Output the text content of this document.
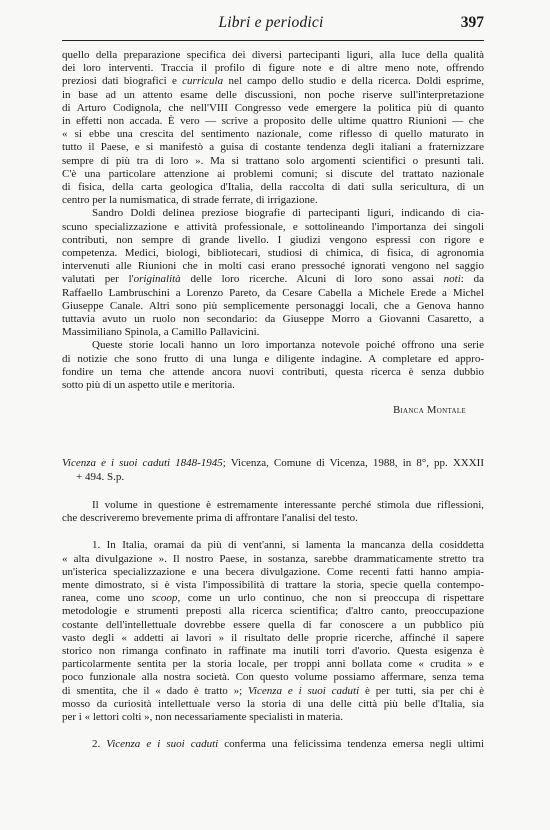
Libri e periodici	397

quello della preparazione specifica dei diversi partecipanti liguri, alla luce della qualità

dei loro interventi. Traccia il profilo di figure note e di altre meno note, offrendo

preziosi dati biografici e curricula nel campo dello studio e della ricerca. Doldi esprime,

in base ad un attento esame delle discussioni, non poche riserve sull'interpretazione

di Arturo Codignola, che nell'VIII Congresso vede emergere la politica più di quanto

in effetti non accada. È vero — scrive a proposito delle ultime quattro Riunioni — che

« si ebbe una crescita del sentimento nazionale, come riflesso di quello maturato in

tutto il Paese, e si manifestò a guisa di costante tendenza degli italiani a fraternizzare

sempre di più tra di loro ». Ma si trattano solo argomenti scientifici o presunti tali.

C'è una particolare attenzione ai problemi comuni; si discute del trattato nazionale

di fisica, della carta geologica d'Italia, della raccolta di dati sulla sericultura, di un

centro per la numismatica, di strade ferrate, di irrigazione.

Sandro Doldi delinea preziose biografie di partecipanti liguri, indicando di cia-

scuno specializzazione e attività professionale, e sottolineando l'importanza dei singoli

contributi, non sempre di grande livello. I giudizi vengono espressi con rigore e

competenza. Medici, biologi, bibliotecari, studiosi di chimica, di fisica, di agronomia

intervenuti alle Riunioni che in molti casi erano pressoché ignorati vengono nel saggio

valutati per l'originalità delle loro ricerche. Alcuni di loro sono assai noti: da

Raffaello Lambruschini a Lorenzo Pareto, da Cesare Cabella a Michele Erede a Michel

Giuseppe Canale. Altri sono più semplicemente personaggi locali, che a Genova hanno

tuttavia avuto un ruolo non secondario: da Giuseppe Morro a Giovanni Casaretto, a

Massimiliano Spinola, a Camillo Pallavicini.

Queste storie locali hanno un loro importanza notevole poiché offrono una serie

di notizie che sono frutto di una lunga e diligente indagine. A completare ed appro-

fondire un tema che attende ancora nuovi contributi, questa ricerca è senza dubbio

sotto più di un aspetto utile e meritoria.

Bianca Montale

Vicenza e i suoi caduti 1848-1945; Vicenza, Comune di Vicenza, 1988, in 8°, pp. XXXII

+ 494. S.p.

Il volume in questione è estremamente interessante perché stimola due riflessioni,

che descriveremo brevemente prima di affrontare l'analisi del testo.

1. In Italia, oramai da più di vent'anni, si lamenta la mancanza della cosiddetta

« alta divulgazione ». Il nostro Paese, in sostanza, sarebbe drammaticamente stretto tra

un'isterica specializzazione e una becera divulgazione. Come recenti fatti hanno ampia-

mente dimostrato, si è vista l'impossibilità di trattare la storia, specie quella contempo-

ranea, come uno scoop, come un urlo continuo, che non si preoccupa di rispettare

metodologie e strumenti preposti alla ricerca scientifica; d'altro canto, preoccupazione

costante dell'intellettuale dovrebbe essere quella di far conoscere a un pubblico più

vasto degli « addetti ai lavori » il risultato delle proprie ricerche, affinché il sapere

storico non rimanga confinato in raffinate ma inutili torri d'avorio. Questa esigenza è

particolarmente sentita per la storia locale, per troppi anni bollata come « crudita » e

poco funzionale alla nostra società. Con questo volume possiamo affermare, senza tema

di smentita, che il « dado è tratto »; Vicenza e i suoi caduti è per tutti, sia per chi è

mosso da curiosità intellettuale verso la storia di una delle città più belle d'Italia, sia

per i « lettori colti », non necessariamente specialisti in materia.

2. Vicenza e i suoi caduti conferma una felicissima tendenza emersa negli ultimi
